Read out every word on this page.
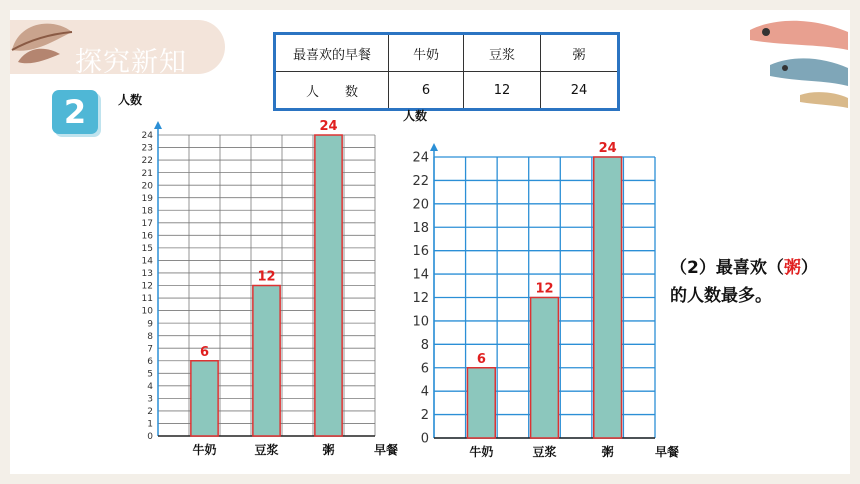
探究新知
2
最喜欢的早餐	牛奶	豆浆	粥
人　　数	6	12	24
0
1
2
3
4
5
6
7
8
9
10
11
12
13
14
15
16
17
18
19
20
21
22
23
24
人数
6
牛奶
12
豆浆
24
粥	早餐
0
2
4
6
8
10
12
14
16
18
20
22
24
人数
6
牛奶
12
豆浆
24
粥	早餐
（2）最喜欢（粥）
的人数最多。
